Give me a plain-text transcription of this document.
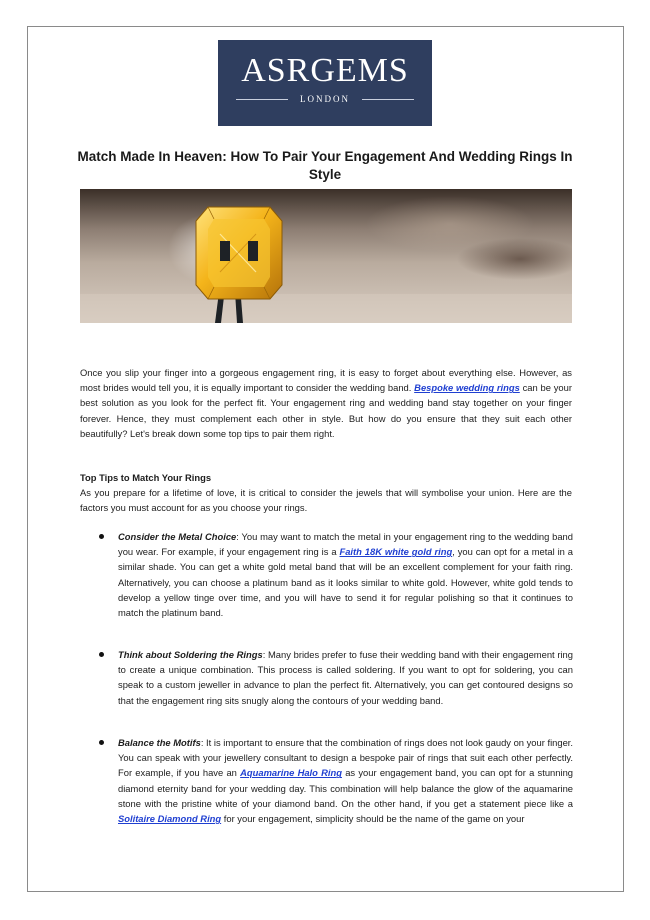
ASRGEMS
LONDON
Match Made In Heaven: How To Pair Your Engagement And Wedding Rings In Style
Once you slip your finger into a gorgeous engagement ring, it is easy to forget about everything else. However, as most brides would tell you, it is equally important to consider the wedding band. Bespoke wedding rings can be your best solution as you look for the perfect fit. Your engagement ring and wedding band stay together on your finger forever. Hence, they must complement each other in style. But how do you ensure that they suit each other beautifully? Let's break down some top tips to pair them right.
Top Tips to Match Your Rings
As you prepare for a lifetime of love, it is critical to consider the jewels that will symbolise your union. Here are the factors you must account for as you choose your rings.
Consider the Metal Choice: You may want to match the metal in your engagement ring to the wedding band you wear. For example, if your engagement ring is a Faith 18K white gold ring, you can opt for a metal in a similar shade. You can get a white gold metal band that will be an excellent complement for your faith ring. Alternatively, you can choose a platinum band as it looks similar to white gold. However, white gold tends to develop a yellow tinge over time, and you will have to send it for regular polishing so that it continues to match the platinum band.
Think about Soldering the Rings: Many brides prefer to fuse their wedding band with their engagement ring to create a unique combination. This process is called soldering. If you want to opt for soldering, you can speak to a custom jeweller in advance to plan the perfect fit. Alternatively, you can get contoured designs so that the engagement ring sits snugly along the contours of your wedding band.
Balance the Motifs: It is important to ensure that the combination of rings does not look gaudy on your finger. You can speak with your jewellery consultant to design a bespoke pair of rings that suit each other perfectly. For example, if you have an Aquamarine Halo Ring as your engagement band, you can opt for a stunning diamond eternity band for your wedding day. This combination will help balance the glow of the aquamarine stone with the pristine white of your diamond band. On the other hand, if you get a statement piece like a Solitaire Diamond Ring for your engagement, simplicity should be the name of the game on your
